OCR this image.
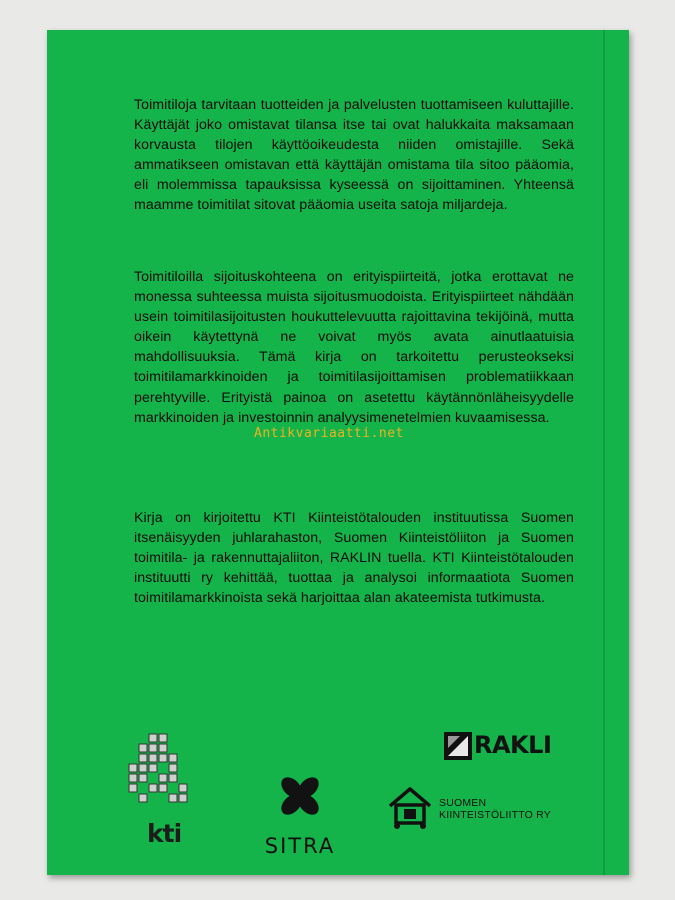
Toimitiloja tarvitaan tuotteiden ja palvelusten tuottamiseen kuluttajille. Käyttäjät joko omistavat tilansa itse tai ovat halukkaita maksamaan korvausta tilojen käyttöoikeudesta niiden omistajille. Sekä ammatikseen omistavan että käyttäjän omistama tila sitoo pääomia, eli molemmissa tapauksissa kyseessä on sijoittaminen. Yhteensä maamme toimitilat sitovat pääomia useita satoja miljardeja.
Toimitiloilla sijoituskohteena on erityispiirteitä, jotka erottavat ne monessa suhteessa muista sijoitusmuodoista. Erityispiirteet nähdään usein toimitilasijoitusten houkuttelevuutta rajoittavina tekijöinä, mutta oikein käytettynä ne voivat myös avata ainutlaatuisia mahdollisuuksia. Tämä kirja on tarkoitettu perusteokseksi toimitilamarkkinoiden ja toimitilasijoittamisen problematiikkaan perehtyville. Erityistä painoa on asetettu käytännönläheisyydelle markkinoiden ja investoinnin analyysimenetelmien kuvaamisessa.
Kirja on kirjoitettu KTI Kiinteistötalouden instituutissa Suomen itsenäisyyden juhlarahaston, Suomen Kiinteistöliiton ja Suomen toimitila- ja rakennuttajaliiton, RAKLIN tuella. KTI Kiinteistötalouden instituutti ry kehittää, tuottaa ja analysoi informaatiota Suomen toimitilamarkkinoista sekä harjoittaa alan akateemista tutkimusta.
Antikvariaatti.net
kti	SITRA
RAKLI
SUOMEN
KIINTEISTÖLIITTO RY
